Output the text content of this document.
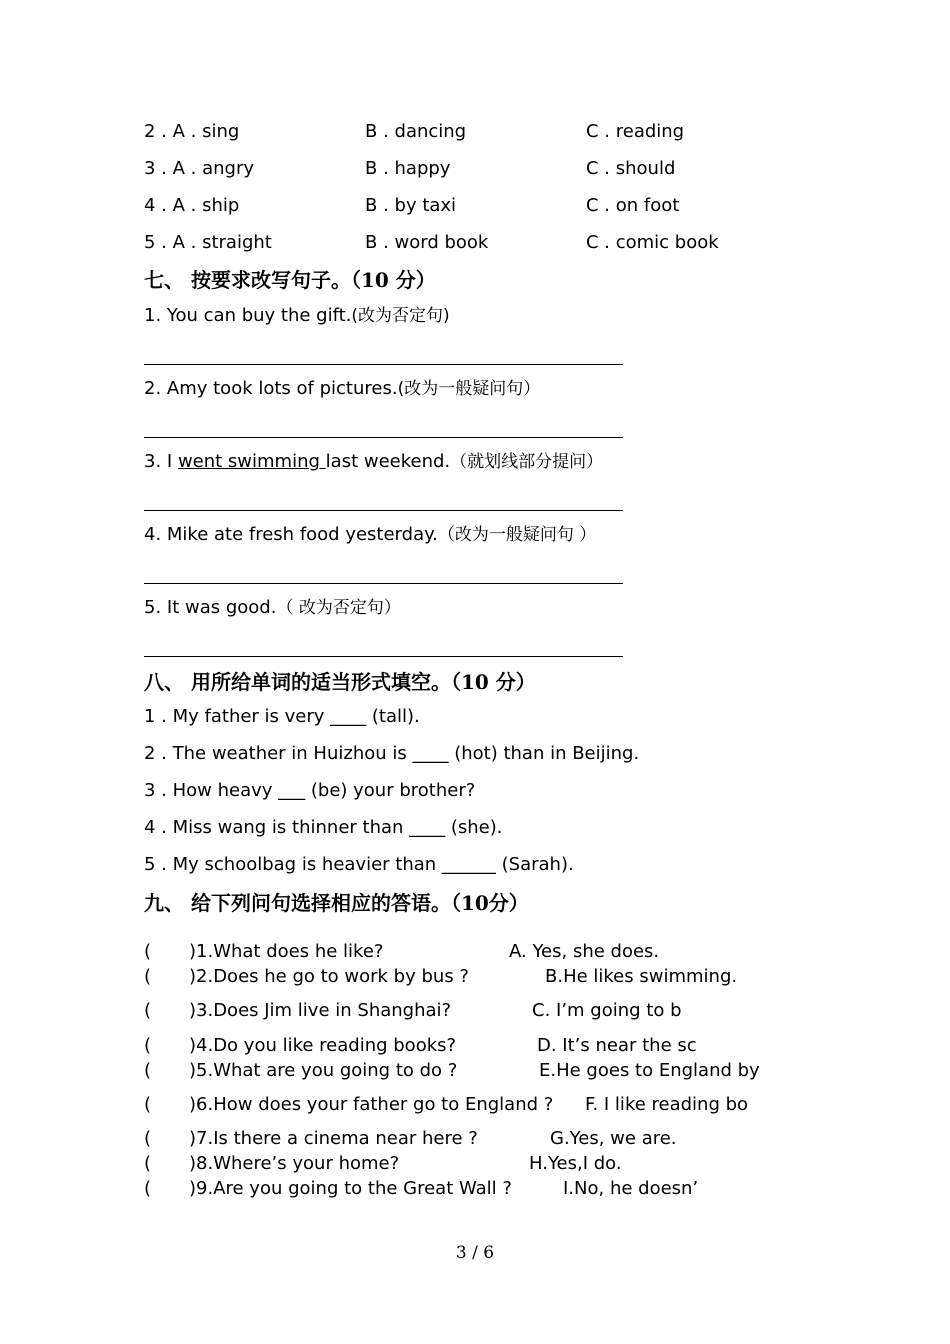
2 . A . sing	B . dancing	C . reading
3 . A . angry	B . happy	C . should
4 . A . ship	B . by taxi	C . on foot
5 . A . straight	B . word book	C . comic book
七、 按要求改写句子。（10 分）
1. You can buy the gift.(改为否定句)
2. Amy took lots of pictures.(改为一般疑问句）
3. I went swimming last weekend.（就划线部分提问）
4. Mike ate fresh food yesterday.（改为一般疑问句 ）
5. It was good.（ 改为否定句）
八、 用所给单词的适当形式填空。（10 分）
1 . My father is very ____ (tall).
2 . The weather in Huizhou is ____ (hot) than in Beijing.
3 . How heavy ___ (be) your brother?
4 . Miss wang is thinner than ____ (she).
5 . My schoolbag is heavier than ______ (Sarah).
九、 给下列问句选择相应的答语。（10分）
( )1.What does he like?	A. Yes, she does.
( )2.Does he go to work by bus ?	B.He likes swimming.
( )3.Does Jim live in Shanghai?	C. I’m going to b
( )4.Do you like reading books?	D. It’s near the sc
( )5.What are you going to do ?	E.He goes to England by
( )6.How does your father go to England ? F. I like reading bo
( )7.Is there a cinema near here ?	G.Yes, we are.
( )8.Where’s your home?	H.Yes,I do.
( )9.Are you going to the Great Wall ?	I.No, he doesn’
3 / 6
